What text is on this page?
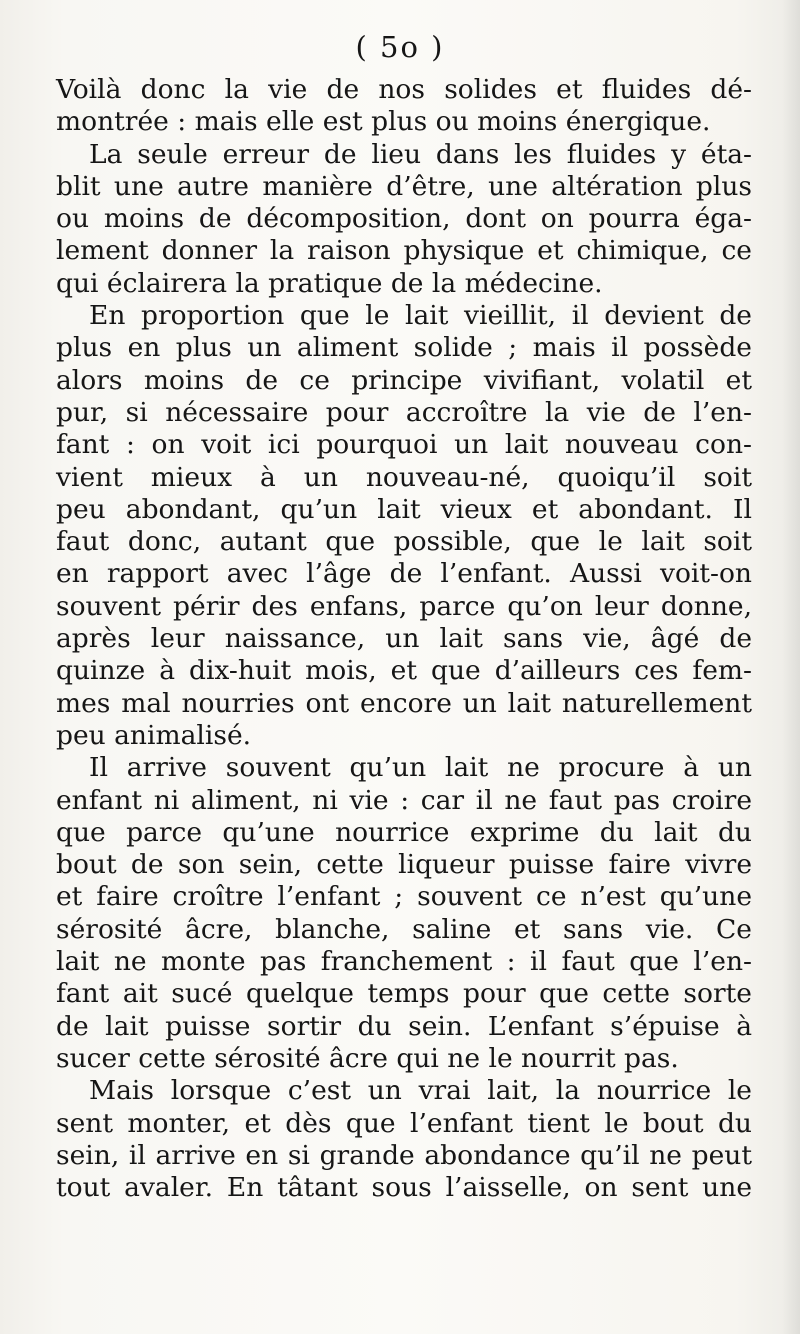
( 5o )

Voilà donc la vie de nos solides et fluides dé-
montrée : mais elle est plus ou moins énergique.

La seule erreur de lieu dans les fluides y éta-
blit une autre manière d’être, une altération plus
ou moins de décomposition, dont on pourra éga-
lement donner la raison physique et chimique, ce
qui éclairera la pratique de la médecine.

En proportion que le lait vieillit, il devient de
plus en plus un aliment solide ; mais il possède
alors moins de ce principe vivifiant, volatil et
pur, si nécessaire pour accroître la vie de l’en-
fant : on voit ici pourquoi un lait nouveau con-
vient mieux à un nouveau-né, quoiqu’il soit
peu abondant, qu’un lait vieux et abondant. Il
faut donc, autant que possible, que le lait soit
en rapport avec l’âge de l’enfant. Aussi voit-on
souvent périr des enfans, parce qu’on leur donne,
après leur naissance, un lait sans vie, âgé de
quinze à dix-huit mois, et que d’ailleurs ces fem-
mes mal nourries ont encore un lait naturellement
peu animalisé.

Il arrive souvent qu’un lait ne procure à un
enfant ni aliment, ni vie : car il ne faut pas croire
que parce qu’une nourrice exprime du lait du
bout de son sein, cette liqueur puisse faire vivre
et faire croître l’enfant ; souvent ce n’est qu’une
sérosité âcre, blanche, saline et sans vie. Ce
lait ne monte pas franchement : il faut que l’en-
fant ait sucé quelque temps pour que cette sorte
de lait puisse sortir du sein. L’enfant s’épuise à
sucer cette sérosité âcre qui ne le nourrit pas.

Mais lorsque c’est un vrai lait, la nourrice le
sent monter, et dès que l’enfant tient le bout du
sein, il arrive en si grande abondance qu’il ne peut
tout avaler. En tâtant sous l’aisselle, on sent une
